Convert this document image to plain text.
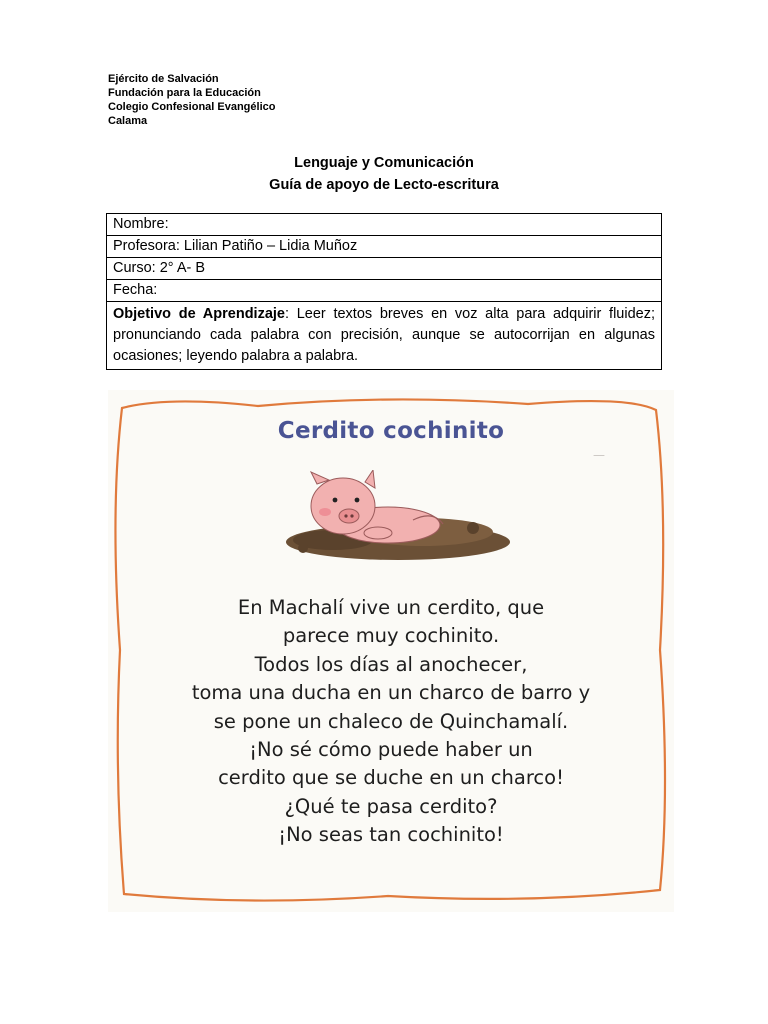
Ejército de Salvación
Fundación para la Educación
Colegio Confesional Evangélico
Calama
Lenguaje y Comunicación
Guía de apoyo de Lecto-escritura
Nombre:
Profesora: Lilian Patiño – Lidia Muñoz
Curso: 2° A- B
Fecha:
Objetivo de Aprendizaje: Leer textos breves en voz alta para adquirir fluidez; pronunciando cada palabra con precisión, aunque se autocorrijan en algunas ocasiones; leyendo palabra a palabra.
—
Cerdito cochinito
En Machalí vive un cerdito, que
parece muy cochinito.
Todos los días al anochecer,
toma una ducha en un charco de barro y
se pone un chaleco de Quinchamalí.
¡No sé cómo puede haber un
cerdito que se duche en un charco!
¿Qué te pasa cerdito?
¡No seas tan cochinito!
